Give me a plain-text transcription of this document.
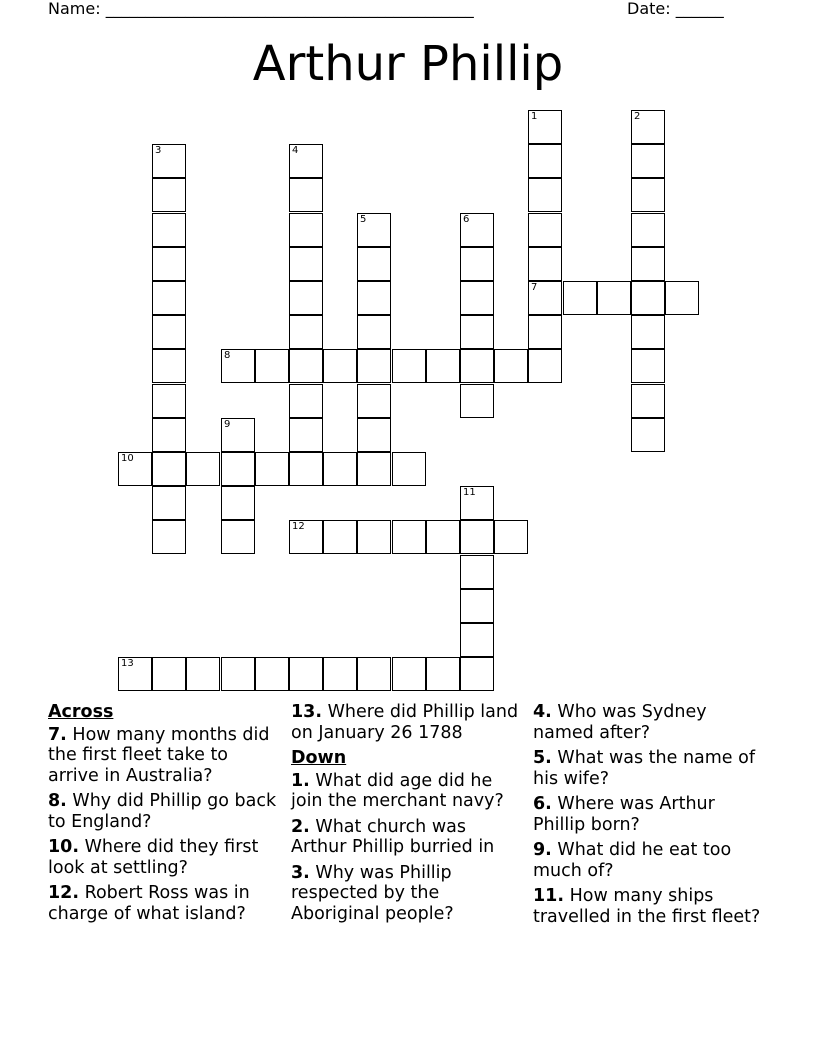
Name: ______________________________________________	Date: ______
Arthur Phillip
1
7
2
3	4
5	6
8
9
10
11
12
13
Across
7. How many months did the first fleet take to arrive in Australia?
8. Why did Phillip go back to England?
10. Where did they first look at settling?
12. Robert Ross was in charge of what island?
13. Where did Phillip land on January 26 1788
Down
1. What did age did he join the merchant navy?
2. What church was Arthur Phillip burried in
3. Why was Phillip respected by the Aboriginal people?
4. Who was Sydney named after?
5. What was the name of his wife?
6. Where was Arthur Phillip born?
9. What did he eat too much of?
11. How many ships travelled in the first fleet?
